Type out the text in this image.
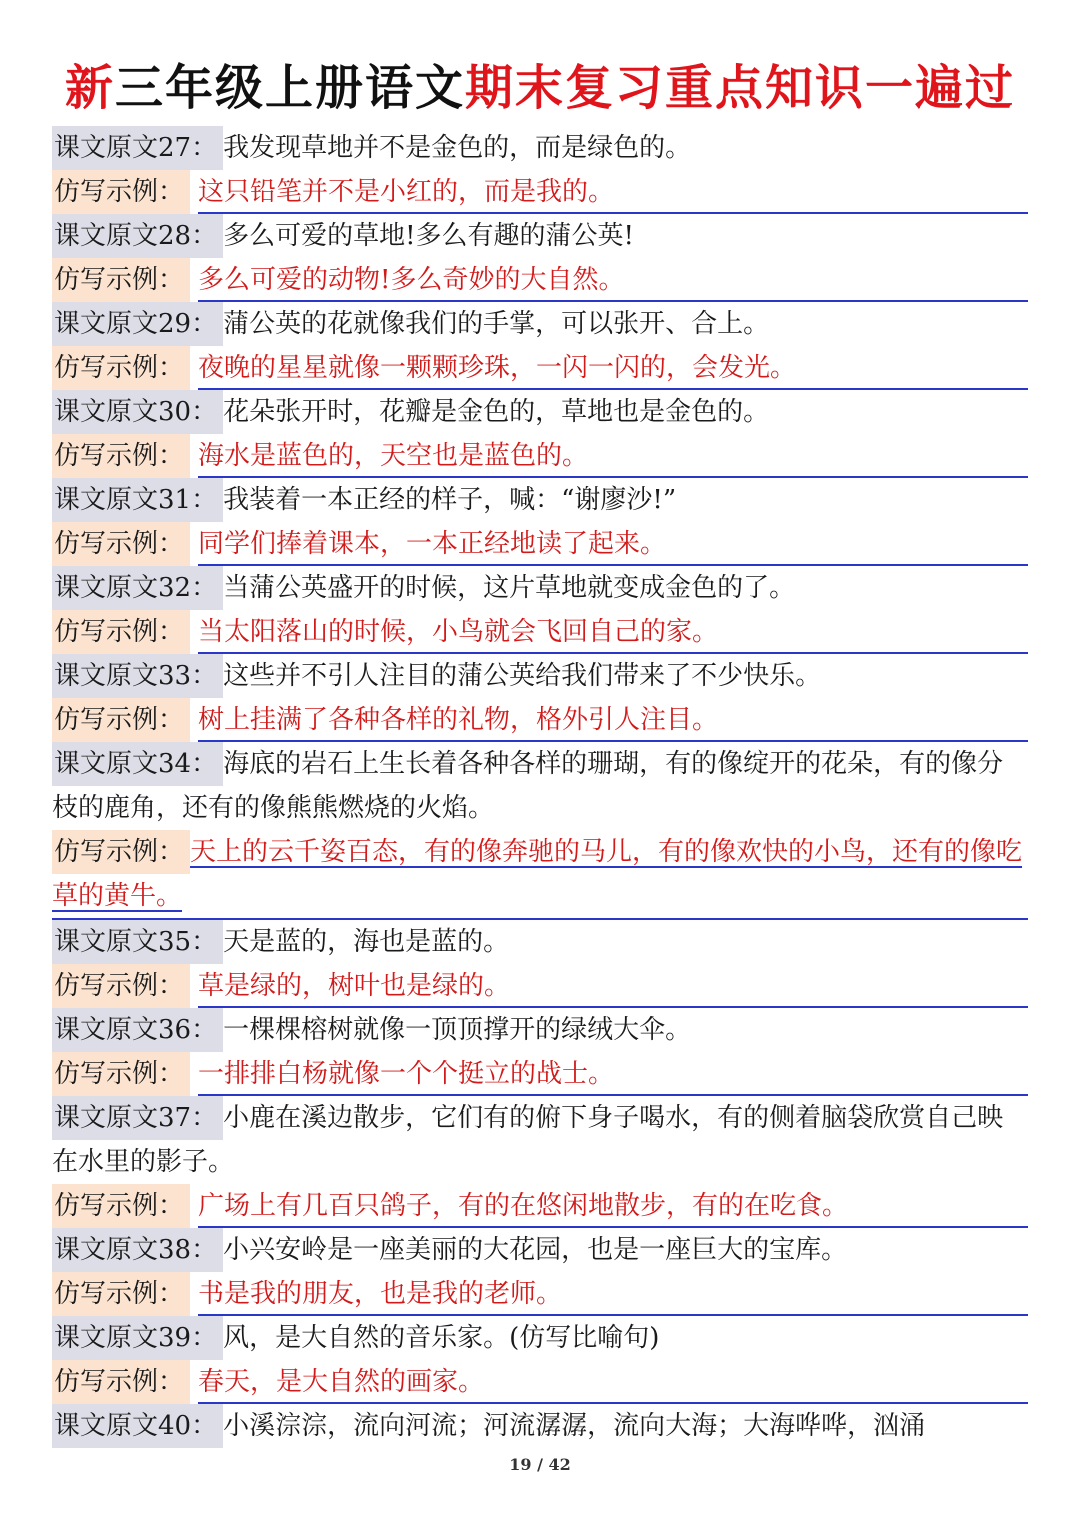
新三年级上册语文期末复习重点知识一遍过
课文原文27： 我发现草地并不是金色的，而是绿色的。
仿写示例： 这只铅笔并不是小红的，而是我的。
课文原文28： 多么可爱的草地!多么有趣的蒲公英!
仿写示例： 多么可爱的动物!多么奇妙的大自然。
课文原文29： 蒲公英的花就像我们的手掌，可以张开、合上。
仿写示例： 夜晚的星星就像一颗颗珍珠，一闪一闪的，会发光。
课文原文30： 花朵张开时，花瓣是金色的，草地也是金色的。
仿写示例： 海水是蓝色的，天空也是蓝色的。
课文原文31： 我装着一本正经的样子，喊：“谢廖沙!”
仿写示例： 同学们捧着课本，一本正经地读了起来。
课文原文32： 当蒲公英盛开的时候，这片草地就变成金色的了。
仿写示例： 当太阳落山的时候，小鸟就会飞回自己的家。
课文原文33： 这些并不引人注目的蒲公英给我们带来了不少快乐。
仿写示例： 树上挂满了各种各样的礼物，格外引人注目。
课文原文34： 海底的岩石上生长着各种各样的珊瑚，有的像绽开的花朵，有的像分枝的鹿角，还有的像熊熊燃烧的火焰。
仿写示例： 天上的云千姿百态，有的像奔驰的马儿，有的像欢快的小鸟，还有的像吃草的黄牛。
课文原文35： 天是蓝的，海也是蓝的。
仿写示例： 草是绿的，树叶也是绿的。
课文原文36： 一棵棵榕树就像一顶顶撑开的绿绒大伞。
仿写示例： 一排排白杨就像一个个挺立的战士。
课文原文37： 小鹿在溪边散步，它们有的俯下身子喝水，有的侧着脑袋欣赏自己映在水里的影子。
仿写示例： 广场上有几百只鸽子，有的在悠闲地散步，有的在吃食。
课文原文38： 小兴安岭是一座美丽的大花园，也是一座巨大的宝库。
仿写示例： 书是我的朋友，也是我的老师。
课文原文39： 风，是大自然的音乐家。(仿写比喻句)
仿写示例： 春天，是大自然的画家。
课文原文40： 小溪淙淙，流向河流；河流潺潺，流向大海；大海哗哗，汹涌
19 / 42
